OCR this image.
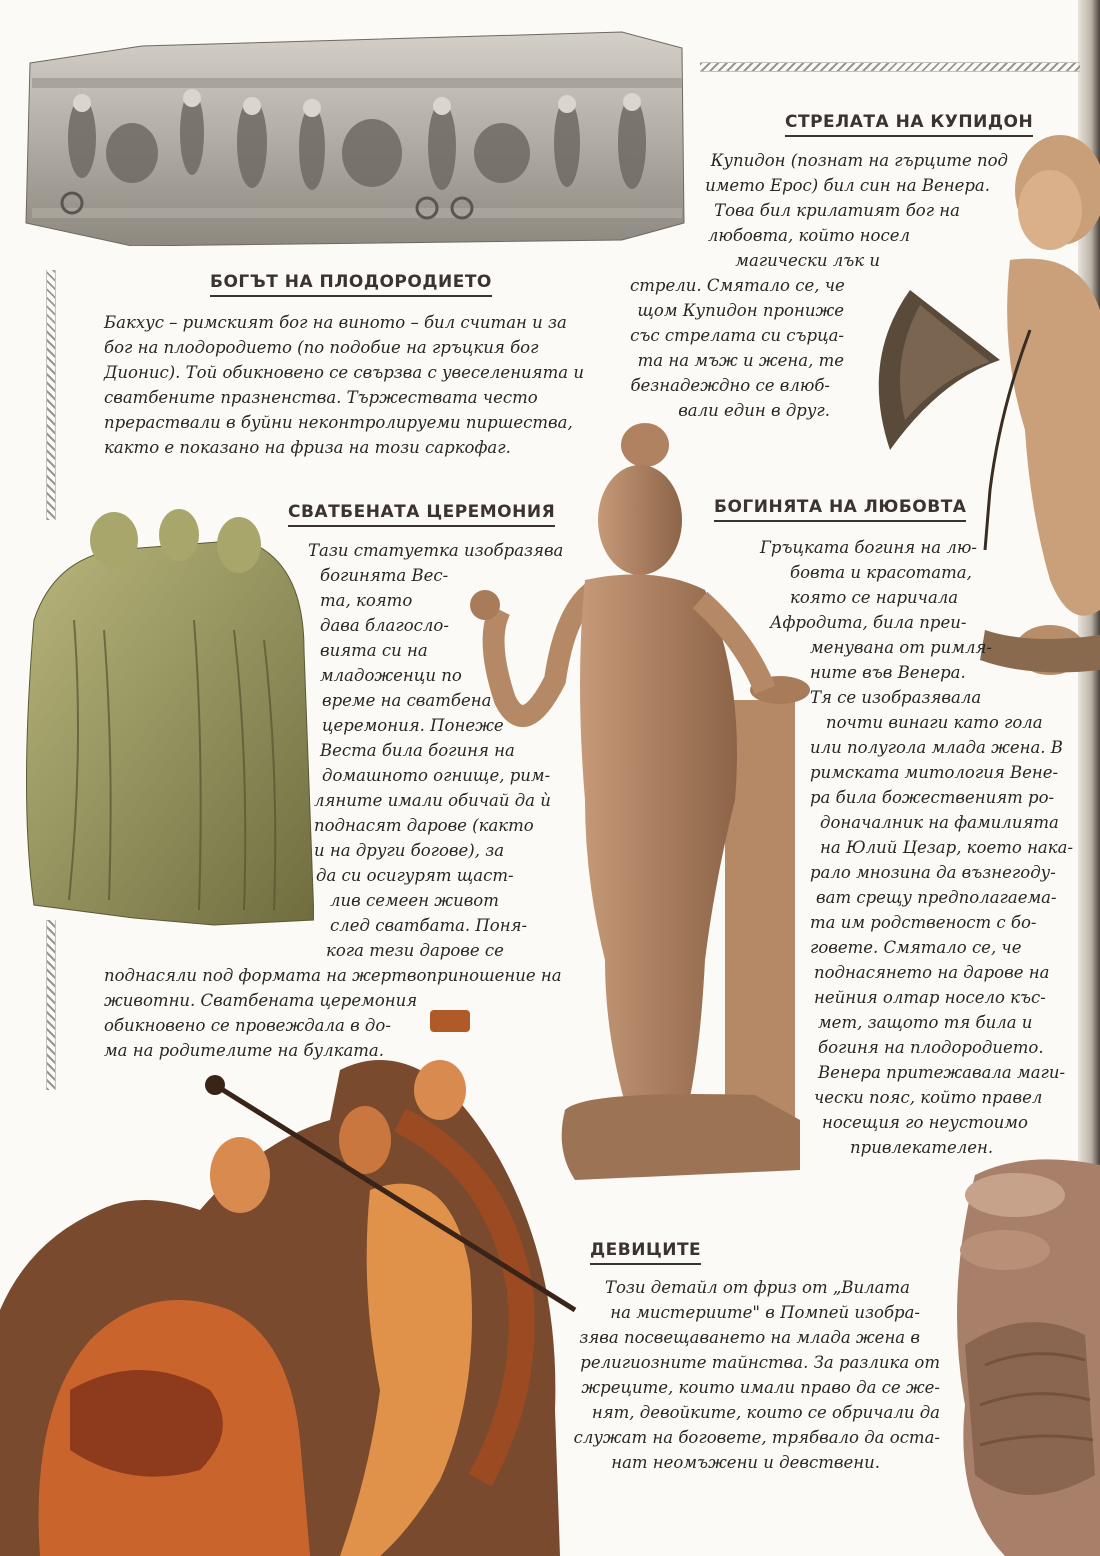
БОГЪТ НА ПЛОДОРОДИЕТО
Бакхус – римският бог на виното – бил считан и за
бог на плодородието (по подобие на гръцкия бог
Дионис). Той обикновено се свързва с увеселенията и
сватбените празненства. Тържествата често
прераствали в буйни неконтролируеми пиршества,
както е показано на фриза на този саркофаг.
СТРЕЛАТА НА КУПИДОН
Купидон (познат на гърците под
името Ерос) бил син на Венера.
Това бил крилатият бог на
любовта, който носел
магически лък и
стрели. Смятало се, че
щом Купидон прониже
със стрелата си сърца-
та на мъж и жена, те
безнадеждно се влюб-
вали един в друг.
СВАТБЕНАТА ЦЕРЕМОНИЯ
Тази статуетка изобразява
богинята Вес-
та, която
дава благосло-
вията си на
младоженци по
време на сватбена
церемония. Понеже
Веста била богиня на
домашното огнище, рим-
ляните имали обичай да ѝ
поднасят дарове (както
и на други богове), за
да си осигурят щаст-
лив семеен живот
след сватбата. Поня-
кога тези дарове се
поднасяли под формата на жертвоприношение на
животни. Сватбената церемония
обикновено се провеждала в до-
ма на родителите на булката.
БОГИНЯТА НА ЛЮБОВТА
Гръцката богиня на лю-
бовта и красотата,
която се наричала
Афродита, била преи-
менувана от римля-
ните във Венера.
Тя се изобразявала
почти винаги като гола
или полугола млада жена. В
римската митология Вене-
ра била божественият ро-
доначалник на фамилията
на Юлий Цезар, което нака-
рало мнозина да възнегоду-
ват срещу предполагаема-
та им родственост с бо-
говете. Смятало се, че
поднасянето на дарове на
нейния олтар носело къс-
мет, защото тя била и
богиня на плодородието.
Венера притежавала маги-
чески пояс, който правел
носещия го неустоимо
привлекателен.
ДЕВИЦИТЕ
Този детайл от фриз от „Вилата
на мистериите" в Помпей изобра-
зява посвещаването на млада жена в
религиозните тайнства. За разлика от
жреците, които имали право да се же-
нят, девойките, които се обричали да
служат на боговете, трябвало да оста-
нат неомъжени и девствени.
